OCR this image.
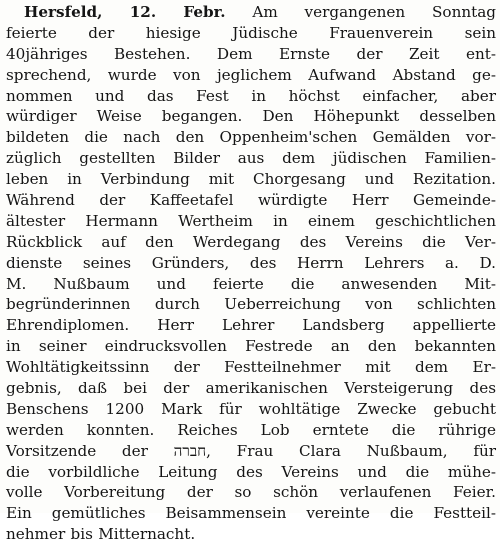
Hersfeld, 12. Febr. Am vergangenen Sonntag
feierte der hiesige Jüdische Frauenverein sein
40jähriges Bestehen. Dem Ernste der Zeit ent-
sprechend, wurde von jeglichem Aufwand Abstand ge-
nommen und das Fest in höchst einfacher, aber
würdiger Weise begangen. Den Höhepunkt desselben
bildeten die nach den Oppenheim'schen Gemälden vor-
züglich gestellten Bilder aus dem jüdischen Familien-
leben in Verbindung mit Chorgesang und Rezitation.
Während der Kaffeetafel würdigte Herr Gemeinde-
ältester Hermann Wertheim in einem geschichtlichen
Rückblick auf den Werdegang des Vereins die Ver-
dienste seines Gründers, des Herrn Lehrers a. D.
M. Nußbaum und feierte die anwesenden Mit-
begründerinnen durch Ueberreichung von schlichten
Ehrendiplomen. Herr Lehrer Landsberg appellierte
in seiner eindrucksvollen Festrede an den bekannten
Wohltätigkeitssinn der Festteilnehmer mit dem Er-
gebnis, daß bei der amerikanischen Versteigerung des
Benschens 1200 Mark für wohltätige Zwecke gebucht
werden konnten. Reiches Lob erntete die rührige
Vorsitzende der חברה, Frau Clara Nußbaum, für
die vorbildliche Leitung des Vereins und die mühe-
volle Vorbereitung der so schön verlaufenen Feier.
Ein gemütliches Beisammensein vereinte die Festteil-
nehmer bis Mitternacht.
